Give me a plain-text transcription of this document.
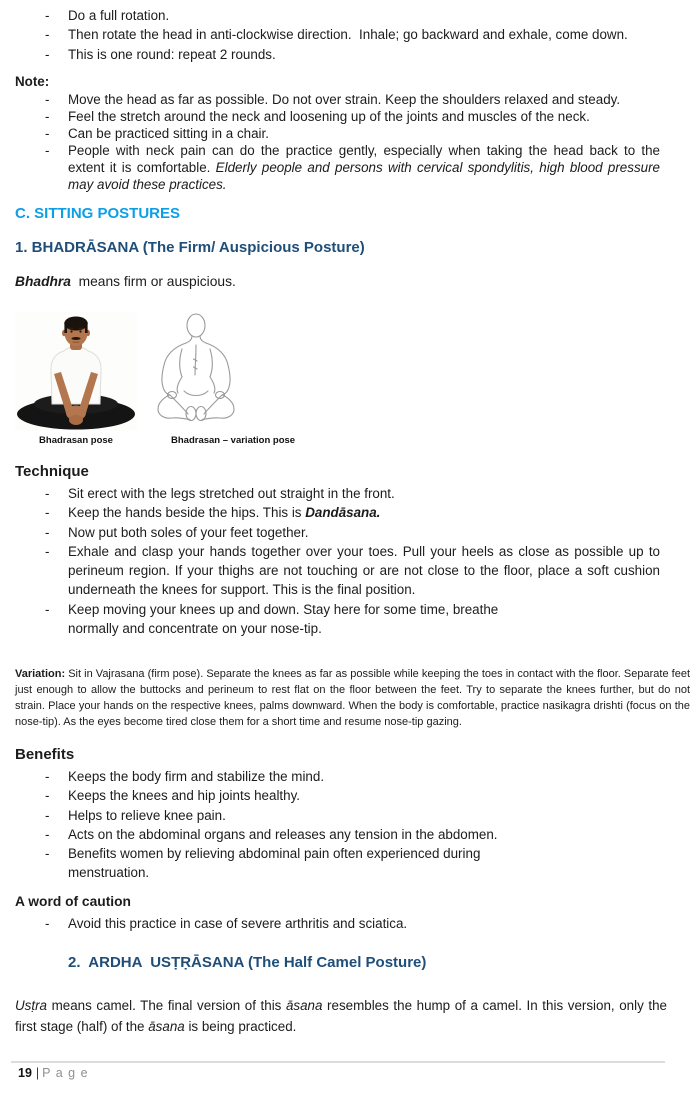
-	Do a full rotation.
-	Then rotate the head in anti-clockwise direction.  Inhale; go backward and exhale, come down.
-	This is one round: repeat 2 rounds.
Note:
-	Move the head as far as possible. Do not over strain. Keep the shoulders relaxed and steady.
-	Feel the stretch around the neck and loosening up of the joints and muscles of the neck.
-	Can be practiced sitting in a chair.
-	People with neck pain can do the practice gently, especially when taking the head back to the extent it is comfortable. Elderly people and persons with cervical spondylitis, high blood pressure may avoid these practices.
C. SITTING POSTURES
1. BHADRĀSANA (The Firm/ Auspicious Posture)
Bhadhra  means firm or auspicious.
Bhadrasan pose	Bhadrasan – variation pose
Technique
-	Sit erect with the legs stretched out straight in the front.
-	Keep the hands beside the hips. This is Dandāsana.
-	Now put both soles of your feet together.
-	Exhale and clasp your hands together over your toes. Pull your heels as close as possible up to perineum region. If your thighs are not touching or are not close to the floor, place a soft cushion underneath the knees for support. This is the final position.
-	Keep moving your knees up and down. Stay here for some time, breathe
normally and concentrate on your nose-tip.
Variation: Sit in Vajrasana (firm pose). Separate the knees as far as possible while keeping the toes in contact with the floor. Separate feet just enough to allow the buttocks and perineum to rest flat on the floor between the feet. Try to separate the knees further, but do not strain. Place your hands on the respective knees, palms downward. When the body is comfortable, practice nasikagra drishti (focus on the nose-tip). As the eyes become tired close them for a short time and resume nose-tip gazing.
Benefits
-	Keeps the body firm and stabilize the mind.
-	Keeps the knees and hip joints healthy.
-	Helps to relieve knee pain.
-	Acts on the abdominal organs and releases any tension in the abdomen.
-	Benefits women by relieving abdominal pain often experienced during
menstruation.
A word of caution
-	Avoid this practice in case of severe arthritis and sciatica.
2.  ARDHA  USṬṚĀSANA (The Half Camel Posture)
Usṭra means camel. The final version of this āsana resembles the hump of a camel. In this version, only the first stage (half) of the āsana is being practiced.
19 | P a g e
